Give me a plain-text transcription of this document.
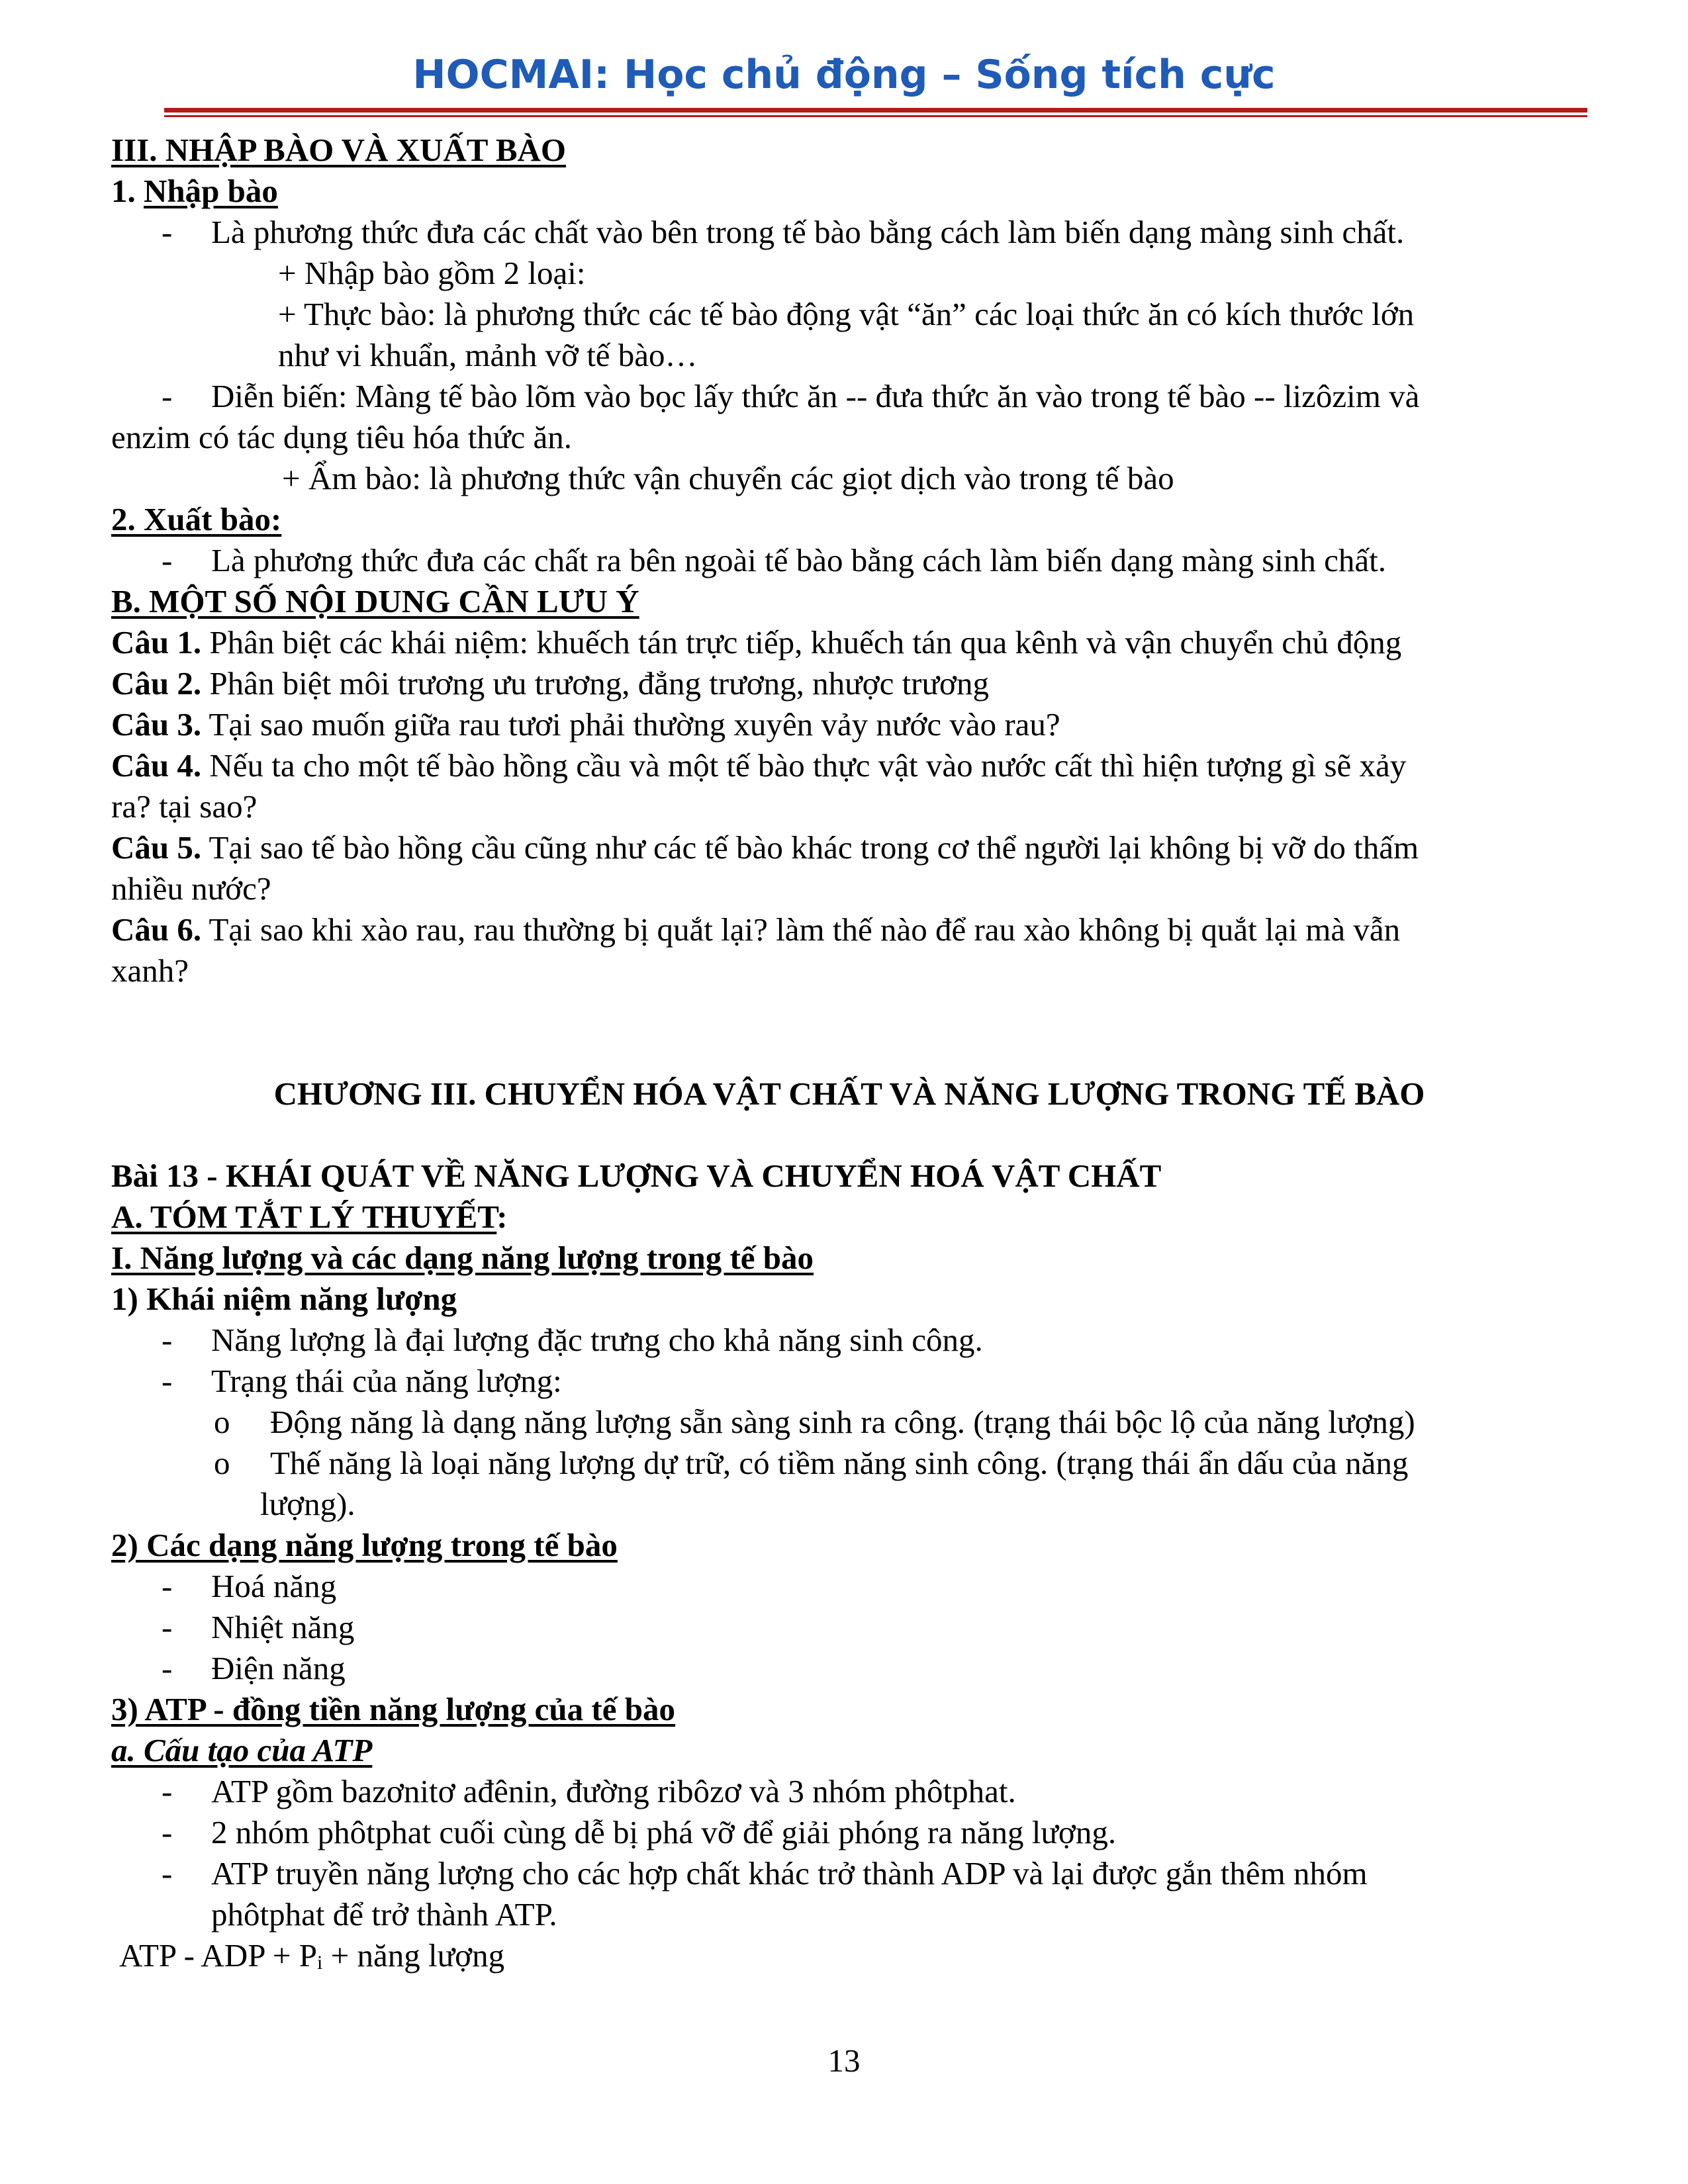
HOCMAI: Học chủ động – Sống tích cực
III. NHẬP BÀO VÀ XUẤT BÀO
1. Nhập bào
- Là phương thức đưa các chất vào bên trong tế bào bằng cách làm biến dạng màng sinh chất.
+ Nhập bào gồm 2 loại:
+ Thực bào: là phương thức các tế bào động vật “ăn” các loại thức ăn có kích thước lớn
như vi khuẩn, mảnh vỡ tế bào…
- Diễn biến: Màng tế bào lõm vào bọc lấy thức ăn -- đưa thức ăn vào trong tế bào -- lizôzim và
enzim có tác dụng tiêu hóa thức ăn.
+ Ẩm bào: là phương thức vận chuyển các giọt dịch vào trong tế bào
2. Xuất bào:
- Là phương thức đưa các chất ra bên ngoài tế bào bằng cách làm biến dạng màng sinh chất.
B. MỘT SỐ NỘI DUNG CẦN LƯU Ý
Câu 1. Phân biệt các khái niệm: khuếch tán trực tiếp, khuếch tán qua kênh và vận chuyển chủ động
Câu 2. Phân biệt môi trương ưu trương, đẳng trương, nhược trương
Câu 3. Tại sao muốn giữa rau tươi phải thường xuyên vảy nước vào rau?
Câu 4. Nếu ta cho một tế bào hồng cầu và một tế bào thực vật vào nước cất thì hiện tượng gì sẽ xảy
ra? tại sao?
Câu 5. Tại sao tế bào hồng cầu cũng như các tế bào khác trong cơ thể người lại không bị vỡ do thấm
nhiều nước?
Câu 6. Tại sao khi xào rau, rau thường bị quắt lại? làm thế nào để rau xào không bị quắt lại mà vẫn
xanh?
CHƯƠNG III. CHUYỂN HÓA VẬT CHẤT VÀ NĂNG LƯỢNG TRONG TẾ BÀO
Bài 13 - KHÁI QUÁT VỀ NĂNG LƯỢNG VÀ CHUYỂN HOÁ VẬT CHẤT
A. TÓM TẮT LÝ THUYẾT:
I. Năng lượng và các dạng năng lượng trong tế bào
1) Khái niệm năng lượng
- Năng lượng là đại lượng đặc trưng cho khả năng sinh công.
- Trạng thái của năng lượng:
o Động năng là dạng năng lượng sẵn sàng sinh ra công. (trạng thái bộc lộ của năng lượng)
o Thế năng là loại năng lượng dự trữ, có tiềm năng sinh công. (trạng thái ẩn dấu của năng
lượng).
2) Các dạng năng lượng trong tế bào
- Hoá năng
- Nhiệt năng
- Điện năng
3) ATP - đồng tiền năng lượng của tế bào
a. Cấu tạo của ATP
- ATP gồm bazơnitơ ađênin, đường ribôzơ và 3 nhóm phôtphat.
- 2 nhóm phôtphat cuối cùng dễ bị phá vỡ để giải phóng ra năng lượng.
- ATP truyền năng lượng cho các hợp chất khác trở thành ADP và lại được gắn thêm nhóm
phôtphat để trở thành ATP.
ATP - ADP + Pi + năng lượng
13
